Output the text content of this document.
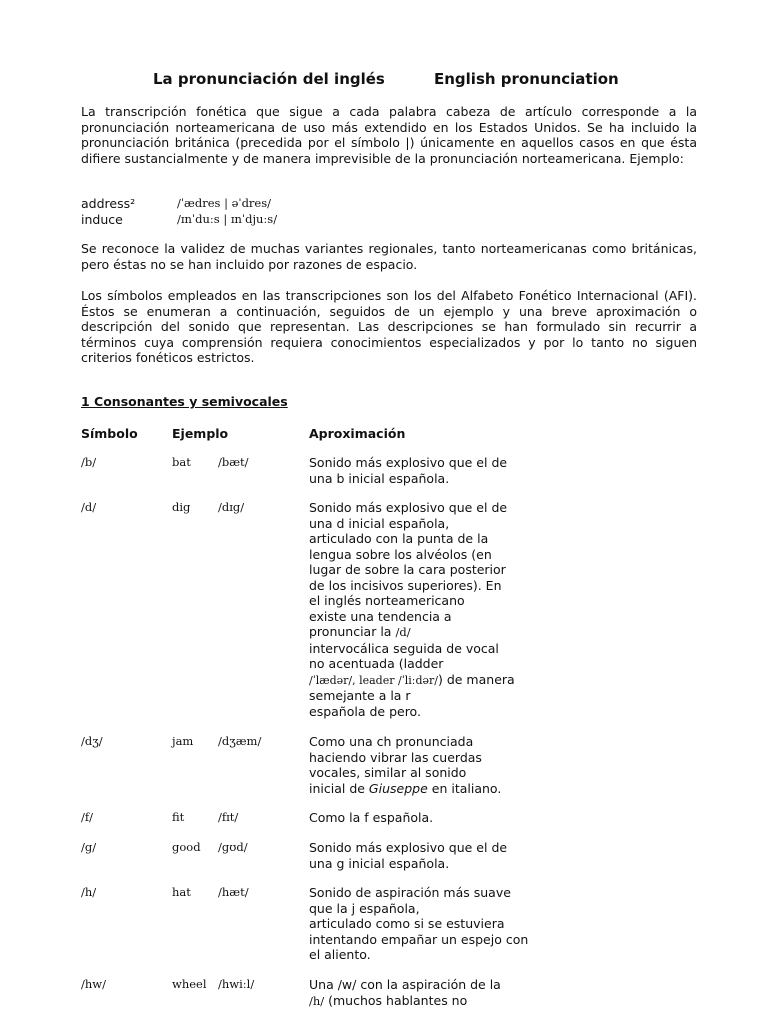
La pronunciación del inglés	English pronunciation
La transcripción fonética que sigue a cada palabra cabeza de artículo corresponde a la pronunciación norteamericana de uso más extendido en los Estados Unidos. Se ha incluido la pronunciación británica (precedida por el símbolo |) únicamente en aquellos casos en que ésta difiere sustancialmente y de manera imprevisible de la pronunciación norteamericana. Ejemplo:
address²	/ˈædres | əˈdres/
induce	/ɪnˈduːs | ɪnˈdjuːs/
Se reconoce la validez de muchas variantes regionales, tanto norteamericanas como británicas, pero éstas no se han incluido por razones de espacio.
Los símbolos empleados en las transcripciones son los del Alfabeto Fonético Internacional (AFI). Éstos se enumeran a continuación, seguidos de un ejemplo y una breve aproximación o descripción del sonido que representan. Las descripciones se han formulado sin recurrir a términos cuya comprensión requiera conocimientos especializados y por lo tanto no siguen criterios fonéticos estrictos.
1 Consonantes y semivocales
Símbolo	Ejemplo	Aproximación
/b/	bat /bæt/	Sonido más explosivo que el de
una b inicial española.
/d/	dig /dɪg/	Sonido más explosivo que el de
una d inicial española,
articulado con la punta de la
lengua sobre los alvéolos (en
lugar de sobre la cara posterior
de los incisivos superiores). En
el inglés norteamericano
existe una tendencia a
pronunciar la /d/
intervocálica seguida de vocal
no acentuada (ladder
/ˈlædər/, leader /ˈliːdər/) de manera
semejante a la r
española de pero.
/dʒ/	jam /dʒæm/	Como una ch pronunciada
haciendo vibrar las cuerdas
vocales, similar al sonido
inicial de Giuseppe en italiano.
/f/	fit	/fɪt/	Como la f española.
/g/	good /gʊd/	Sonido más explosivo que el de
una g inicial española.
/h/	hat /hæt/	Sonido de aspiración más suave
que la j española,
articulado como si se estuviera
intentando empañar un espejo con
el aliento.
/hw/	wheel /hwiːl/	Una /w/ con la aspiración de la
/h/ (muchos hablantes no
